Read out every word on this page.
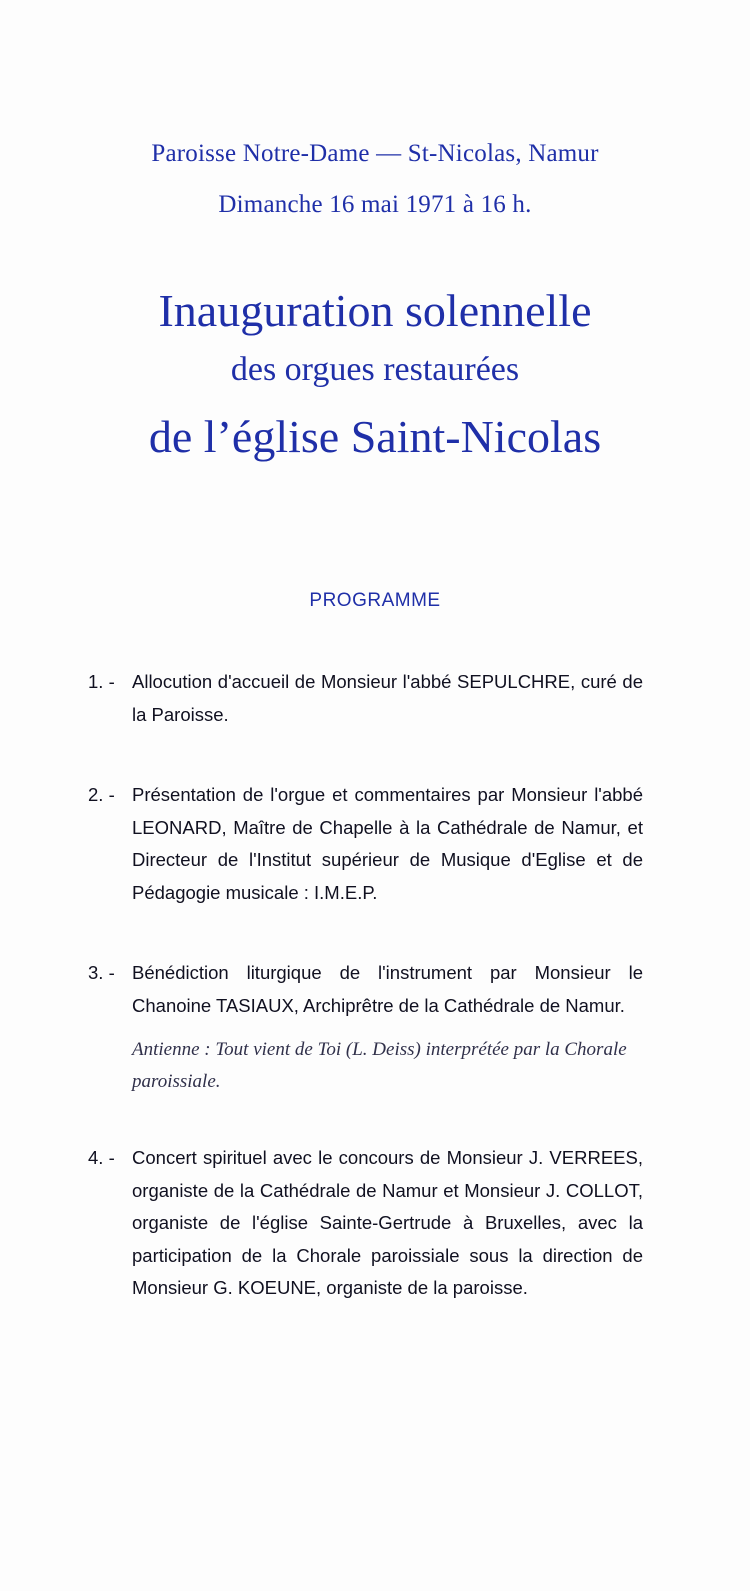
Paroisse Notre-Dame — St-Nicolas, Namur
Dimanche 16 mai 1971 à 16 h.
Inauguration solennelle
des orgues restaurées
de l’église Saint-Nicolas
PROGRAMME
1. - Allocution d'accueil de Monsieur l'abbé SEPULCHRE, curé de la Paroisse.
2. - Présentation de l'orgue et commentaires par Monsieur l'abbé LEONARD, Maître de Chapelle à la Cathédrale de Namur, et Directeur de l'Institut supérieur de Musique d'Eglise et de Pédagogie musicale : I.M.E.P.
3. - Bénédiction liturgique de l'instrument par Monsieur le Chanoine TASIAUX, Archiprêtre de la Cathédrale de Namur.
Antienne : Tout vient de Toi (L. Deiss) interprétée par la Chorale paroissiale.
4. - Concert spirituel avec le concours de Monsieur J. VERREES, organiste de la Cathédrale de Namur et Monsieur J. COLLOT, organiste de l'église Sainte-Gertrude à Bruxelles, avec la participation de la Chorale paroissiale sous la direction de Monsieur G. KOEUNE, organiste de la paroisse.
